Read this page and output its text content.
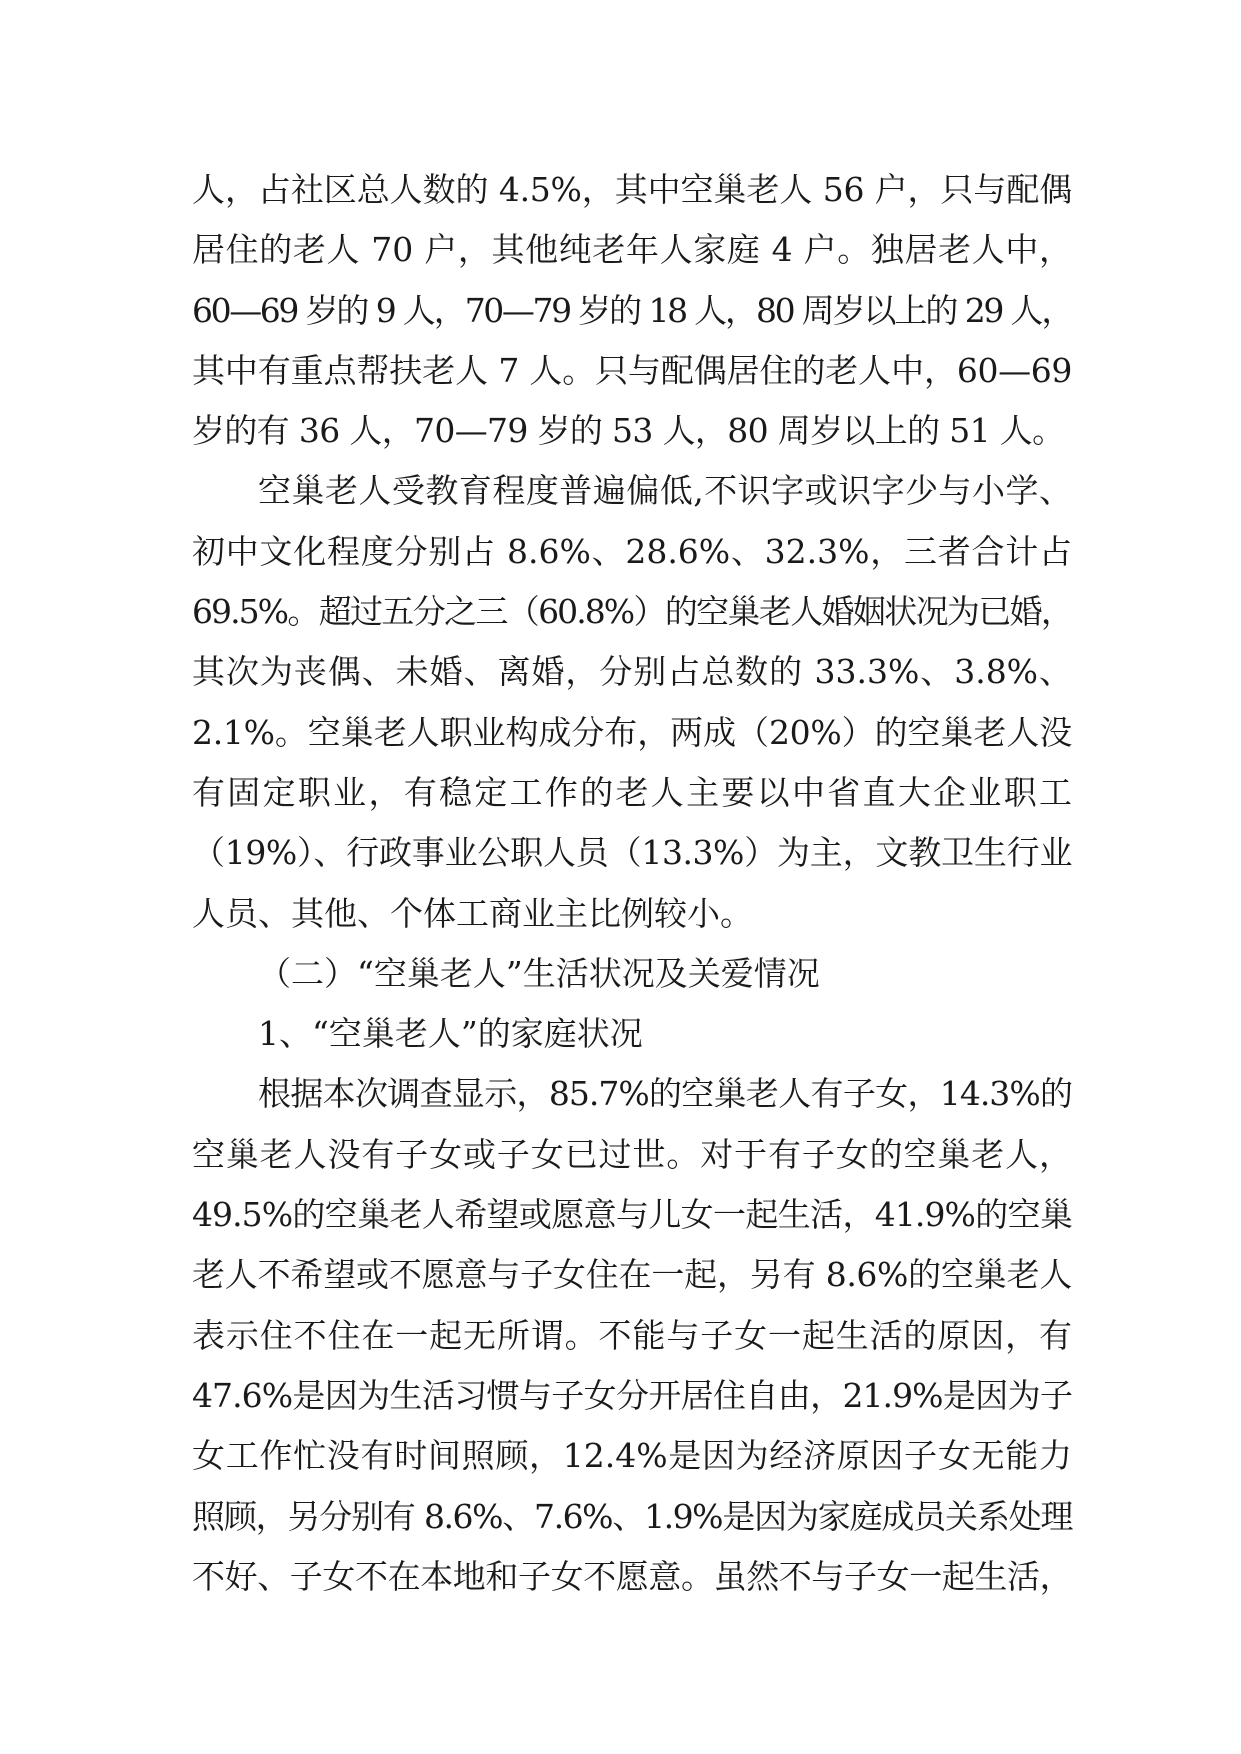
人，占社区总人数的 4.5%，其中空巢老人 56 户，只与配偶
居住的老人 70 户，其他纯老年人家庭 4 户。独居老人中，
60—69 岁的 9 人，70—79 岁的 18 人，80 周岁以上的 29 人，
其中有重点帮扶老人 7 人。只与配偶居住的老人中，60—69
岁的有 36 人，70—79 岁的 53 人，80 周岁以上的 51 人。
空巢老人受教育程度普遍偏低,不识字或识字少与小学、
初中文化程度分别占 8.6%、28.6%、32.3%，三者合计占
69.5%。超过五分之三（60.8%）的空巢老人婚姻状况为已婚，
其次为丧偶、未婚、离婚，分别占总数的 33.3%、3.8%、
2.1%。空巢老人职业构成分布，两成（20%）的空巢老人没
有固定职业，有稳定工作的老人主要以中省直大企业职工
（19%）、行政事业公职人员（13.3%）为主，文教卫生行业
人员、其他、个体工商业主比例较小。
（二）“空巢老人”生活状况及关爱情况
1、“空巢老人”的家庭状况
根据本次调查显示，85.7%的空巢老人有子女，14.3%的
空巢老人没有子女或子女已过世。对于有子女的空巢老人，
49.5%的空巢老人希望或愿意与儿女一起生活，41.9%的空巢
老人不希望或不愿意与子女住在一起，另有 8.6%的空巢老人
表示住不住在一起无所谓。不能与子女一起生活的原因，有
47.6%是因为生活习惯与子女分开居住自由，21.9%是因为子
女工作忙没有时间照顾，12.4%是因为经济原因子女无能力
照顾，另分别有 8.6%、7.6%、1.9%是因为家庭成员关系处理
不好、子女不在本地和子女不愿意。虽然不与子女一起生活，
